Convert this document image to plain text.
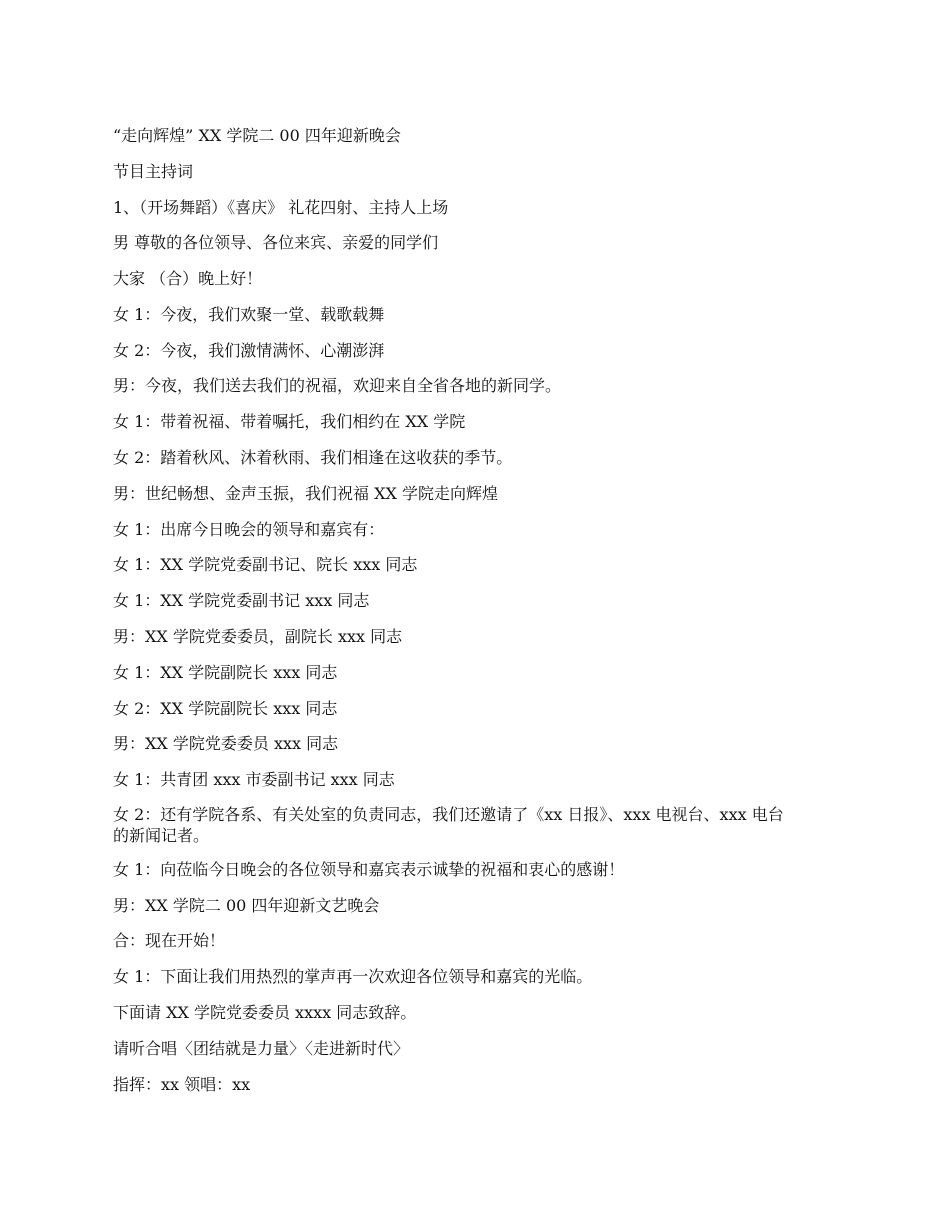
“走向辉煌” XX 学院二 00 四年迎新晚会
节目主持词
1、（开场舞蹈）《喜庆》 礼花四射、主持人上场
男 尊敬的各位领导、各位来宾、亲爱的同学们
大家 （合）晚上好！
女 1：今夜，我们欢聚一堂、载歌载舞
女 2：今夜，我们激情满怀、心潮澎湃
男：今夜，我们送去我们的祝福，欢迎来自全省各地的新同学。
女 1：带着祝福、带着嘱托，我们相约在 XX 学院
女 2：踏着秋风、沐着秋雨、我们相逢在这收获的季节。
男：世纪畅想、金声玉振，我们祝福 XX 学院走向辉煌
女 1：出席今日晚会的领导和嘉宾有：
女 1：XX 学院党委副书记、院长 xxx 同志
女 1：XX 学院党委副书记 xxx 同志
男：XX 学院党委委员，副院长 xxx 同志
女 1：XX 学院副院长 xxx 同志
女 2：XX 学院副院长 xxx 同志
男：XX 学院党委委员 xxx 同志
女 1：共青团 xxx 市委副书记 xxx 同志
女 2：还有学院各系、有关处室的负责同志，我们还邀请了《xx 日报》、xxx 电视台、xxx 电台的新闻记者。
女 1：向莅临今日晚会的各位领导和嘉宾表示诚挚的祝福和衷心的感谢！
男：XX 学院二 00 四年迎新文艺晚会
合：现在开始！
女 1：下面让我们用热烈的掌声再一次欢迎各位领导和嘉宾的光临。
下面请 XX 学院党委委员 xxxx 同志致辞。
请听合唱〈团结就是力量〉〈走进新时代〉
指挥：xx 领唱：xx
